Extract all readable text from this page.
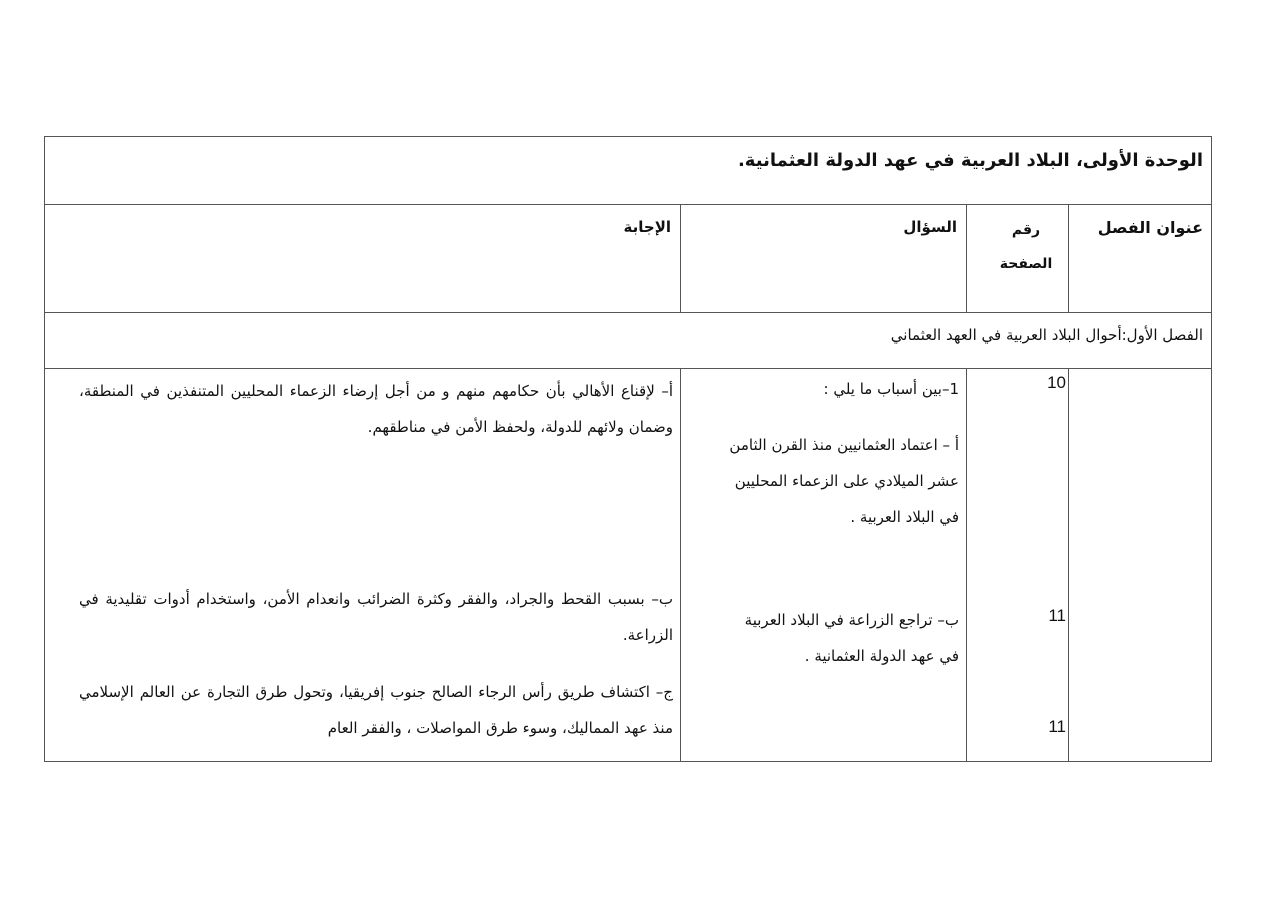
الوحدة الأولى، البلاد العربية في عهد الدولة العثمانية.
عنوان الفصل
رقم الصفحة
السؤال
الإجابة
الفصل الأول:أحوال البلاد العربية في العهد العثماني
10
11
11
1–بين أسباب ما يلي :
أ – اعتماد العثمانيين منذ القرن الثامن عشر الميلادي على الزعماء المحليين في البلاد العربية .
ب– تراجع الزراعة في البلاد العربية في عهد الدولة العثمانية .
أ– لإقناع الأهالي بأن حكامهم منهم و من أجل إرضاء الزعماء المحليين المتنفذين في المنطقة، وضمان ولائهم للدولة، ولحفظ الأمن في مناطقهم.
ب– بسبب القحط والجراد، والفقر وكثرة الضرائب وانعدام الأمن، واستخدام أدوات تقليدية في الزراعة.
ج– اكتشاف طريق رأس الرجاء الصالح جنوب إفريقيا، وتحول طرق التجارة عن العالم الإسلامي منذ عهد المماليك، وسوء طرق المواصلات ، والفقر العام
